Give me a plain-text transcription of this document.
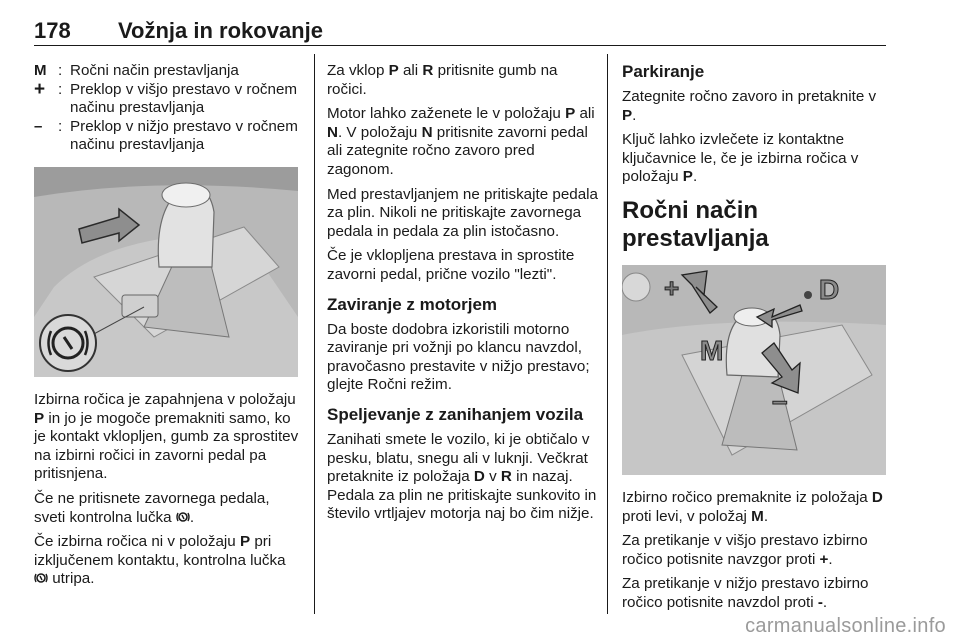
178 Vožnja in rokovanje
M : Ročni način prestavljanja
+ : Preklop v višjo prestavo v ročnem načinu prestavljanja
–	: Preklop v nižjo prestavo v ročnem načinu prestavljanja

Izbirna ročica je zapahnjena v položaju P in jo je mogoče premakniti samo, ko je kontakt vklopljen, gumb za sprostitev na izbirni ročici in zavorni pedal pa pritisnjena.

Če ne pritisnete zavornega pedala, sveti kontrolna lučka .

Če izbirna ročica ni v položaju P pri izključenem kontaktu, kontrolna lučka  utripa.

Za vklop P ali R pritisnite gumb na ročici.

Motor lahko zaženete le v položaju P ali N. V položaju N pritisnite zavorni pedal ali zategnite ročno zavoro pred zagonom.

Med prestavljanjem ne pritiskajte pedala za plin. Nikoli ne pritiskajte zavornega pedala in pedala za plin istočasno.

Če je vklopljena prestava in sprostite zavorni pedal, prične vozilo "lezti".

Zaviranje z motorjem

Da boste dodobra izkoristili motorno zaviranje pri vožnji po klancu navzdol, pravočasno prestavite v nižjo prestavo; glejte Ročni režim.

Speljevanje z zanihanjem vozila

Zanihati smete le vozilo, ki je obtičalo v pesku, blatu, snegu ali v luknji. Večkrat pretaknite iz položaja D v R in nazaj. Pedala za plin ne pritiskajte sunkovito in število vrtljajev motorja naj bo čim nižje.

Parkiranje

Zategnite ročno zavoro in pretaknite v P.

Ključ lahko izvlečete iz kontaktne ključavnice le, če je izbirna ročica v položaju P.

Ročni način prestavljanja
+	D
M
–

Izbirno ročico premaknite iz položaja D proti levi, v položaj M.

Za pretikanje v višjo prestavo izbirno ročico potisnite navzgor proti +.

Za pretikanje v nižjo prestavo izbirno ročico potisnite navzdol proti -.

carmanualsonline.info
